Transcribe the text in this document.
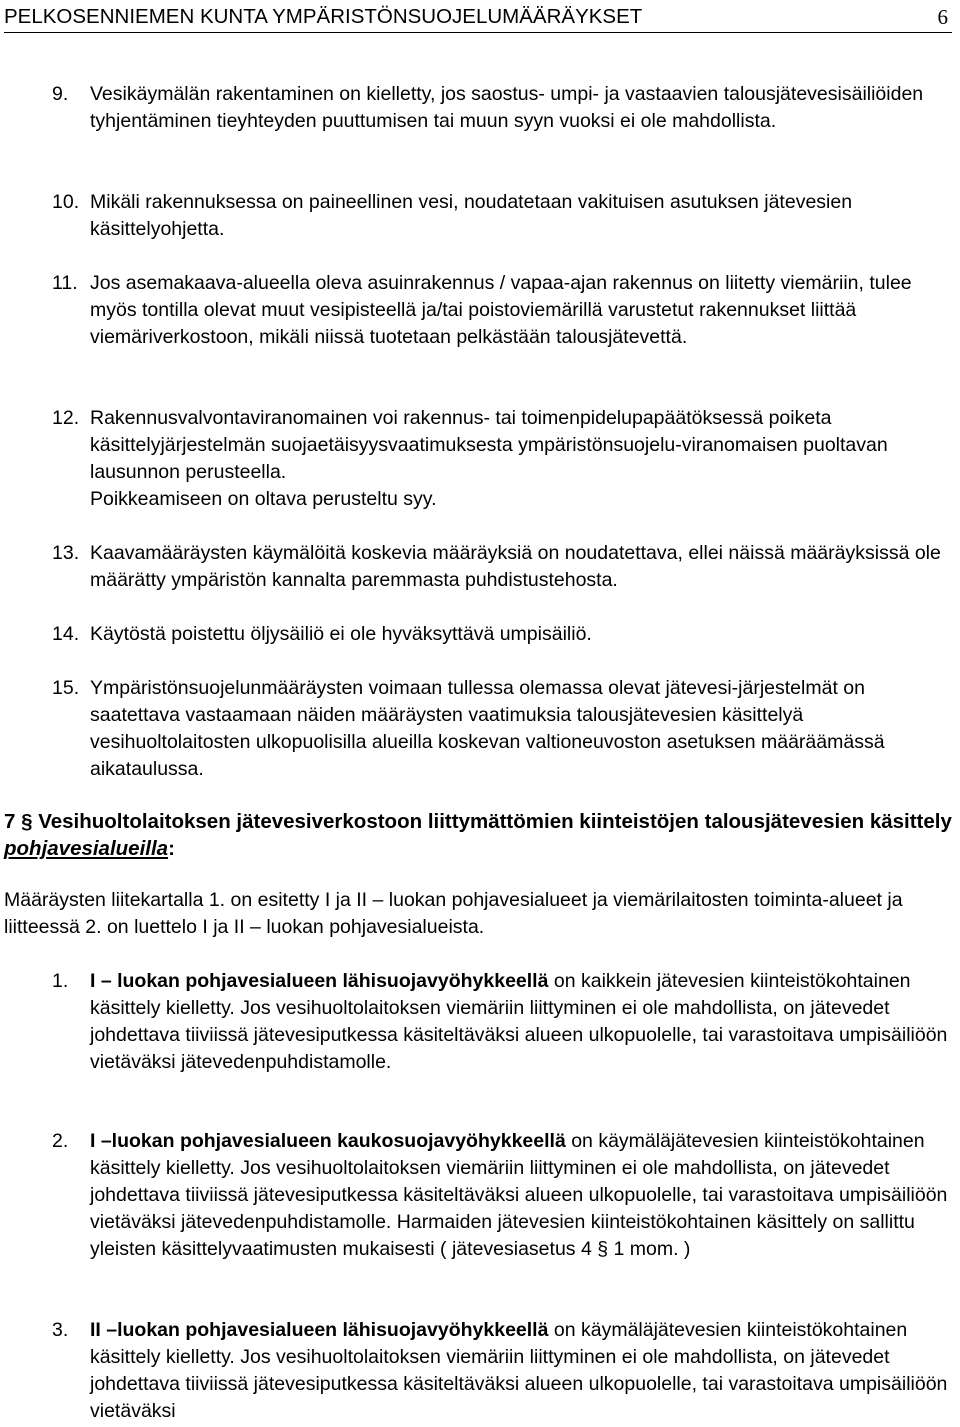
PELKOSENNIEMEN KUNTA YMPÄRISTÖNSUOJELUMÄÄRÄYKSET	6
9. Vesikäymälän rakentaminen on kielletty, jos saostus- umpi- ja vastaavien talousjätevesisäiliöiden tyhjentäminen tieyhteyden puuttumisen tai muun syyn vuoksi ei ole mahdollista.
10. Mikäli rakennuksessa on paineellinen vesi, noudatetaan vakituisen asutuksen jätevesien käsittelyohjetta.
11. Jos asemakaava-alueella oleva asuinrakennus / vapaa-ajan rakennus on liitetty viemäriin, tulee myös tontilla olevat muut vesipisteellä ja/tai poistoviemärillä varustetut rakennukset liittää viemäriverkostoon, mikäli niissä tuotetaan pelkästään talousjätevettä.
12. Rakennusvalvontaviranomainen voi rakennus- tai toimenpidelupapäätöksessä poiketa käsittelyjärjestelmän suojaetäisyysvaatimuksesta ympäristönsuojelu-viranomaisen puoltavan lausunnon perusteella.
Poikkeamiseen on oltava perusteltu syy.
13. Kaavamääräysten käymälöitä koskevia määräyksiä on noudatettava, ellei näissä määräyksissä ole määrätty ympäristön kannalta paremmasta puhdistustehosta.
14. Käytöstä poistettu öljysäiliö ei ole hyväksyttävä umpisäiliö.
15. Ympäristönsuojelunmääräysten voimaan tullessa olemassa olevat jätevesi-järjestelmät on saatettava vastaamaan näiden määräysten vaatimuksia talousjätevesien käsittelyä vesihuoltolaitosten ulkopuolisilla alueilla koskevan valtioneuvoston asetuksen määräämässä aikataulussa.
7 § Vesihuoltolaitoksen jätevesiverkostoon liittymättömien kiinteistöjen talousjätevesien käsittely pohjavesialueilla:
Määräysten liitekartalla 1. on esitetty I ja II – luokan pohjavesialueet ja viemärilaitosten toiminta-alueet ja liitteessä 2. on luettelo I ja II – luokan pohjavesialueista.
1. I – luokan pohjavesialueen lähisuojavyöhykkeellä on kaikkein jätevesien kiinteistökohtainen käsittely kielletty. Jos vesihuoltolaitoksen viemäriin liittyminen ei ole mahdollista, on jätevedet johdettava tiiviissä jätevesiputkessa käsiteltäväksi alueen ulkopuolelle, tai varastoitava umpisäiliöön vietäväksi jätevedenpuhdistamolle.
2. I –luokan pohjavesialueen kaukosuojavyöhykkeellä on käymäläjätevesien kiinteistökohtainen käsittely kielletty. Jos vesihuoltolaitoksen viemäriin liittyminen ei ole mahdollista, on jätevedet johdettava tiiviissä jätevesiputkessa käsiteltäväksi alueen ulkopuolelle, tai varastoitava umpisäiliöön vietäväksi jätevedenpuhdistamolle. Harmaiden jätevesien kiinteistökohtainen käsittely on sallittu yleisten käsittelyvaatimusten mukaisesti ( jätevesiasetus 4 § 1 mom. )
3. II –luokan pohjavesialueen lähisuojavyöhykkeellä on käymäläjätevesien kiinteistökohtainen käsittely kielletty. Jos vesihuoltolaitoksen viemäriin liittyminen ei ole mahdollista, on jätevedet johdettava tiiviissä jätevesiputkessa käsiteltäväksi alueen ulkopuolelle, tai varastoitava umpisäiliöön vietäväksi
